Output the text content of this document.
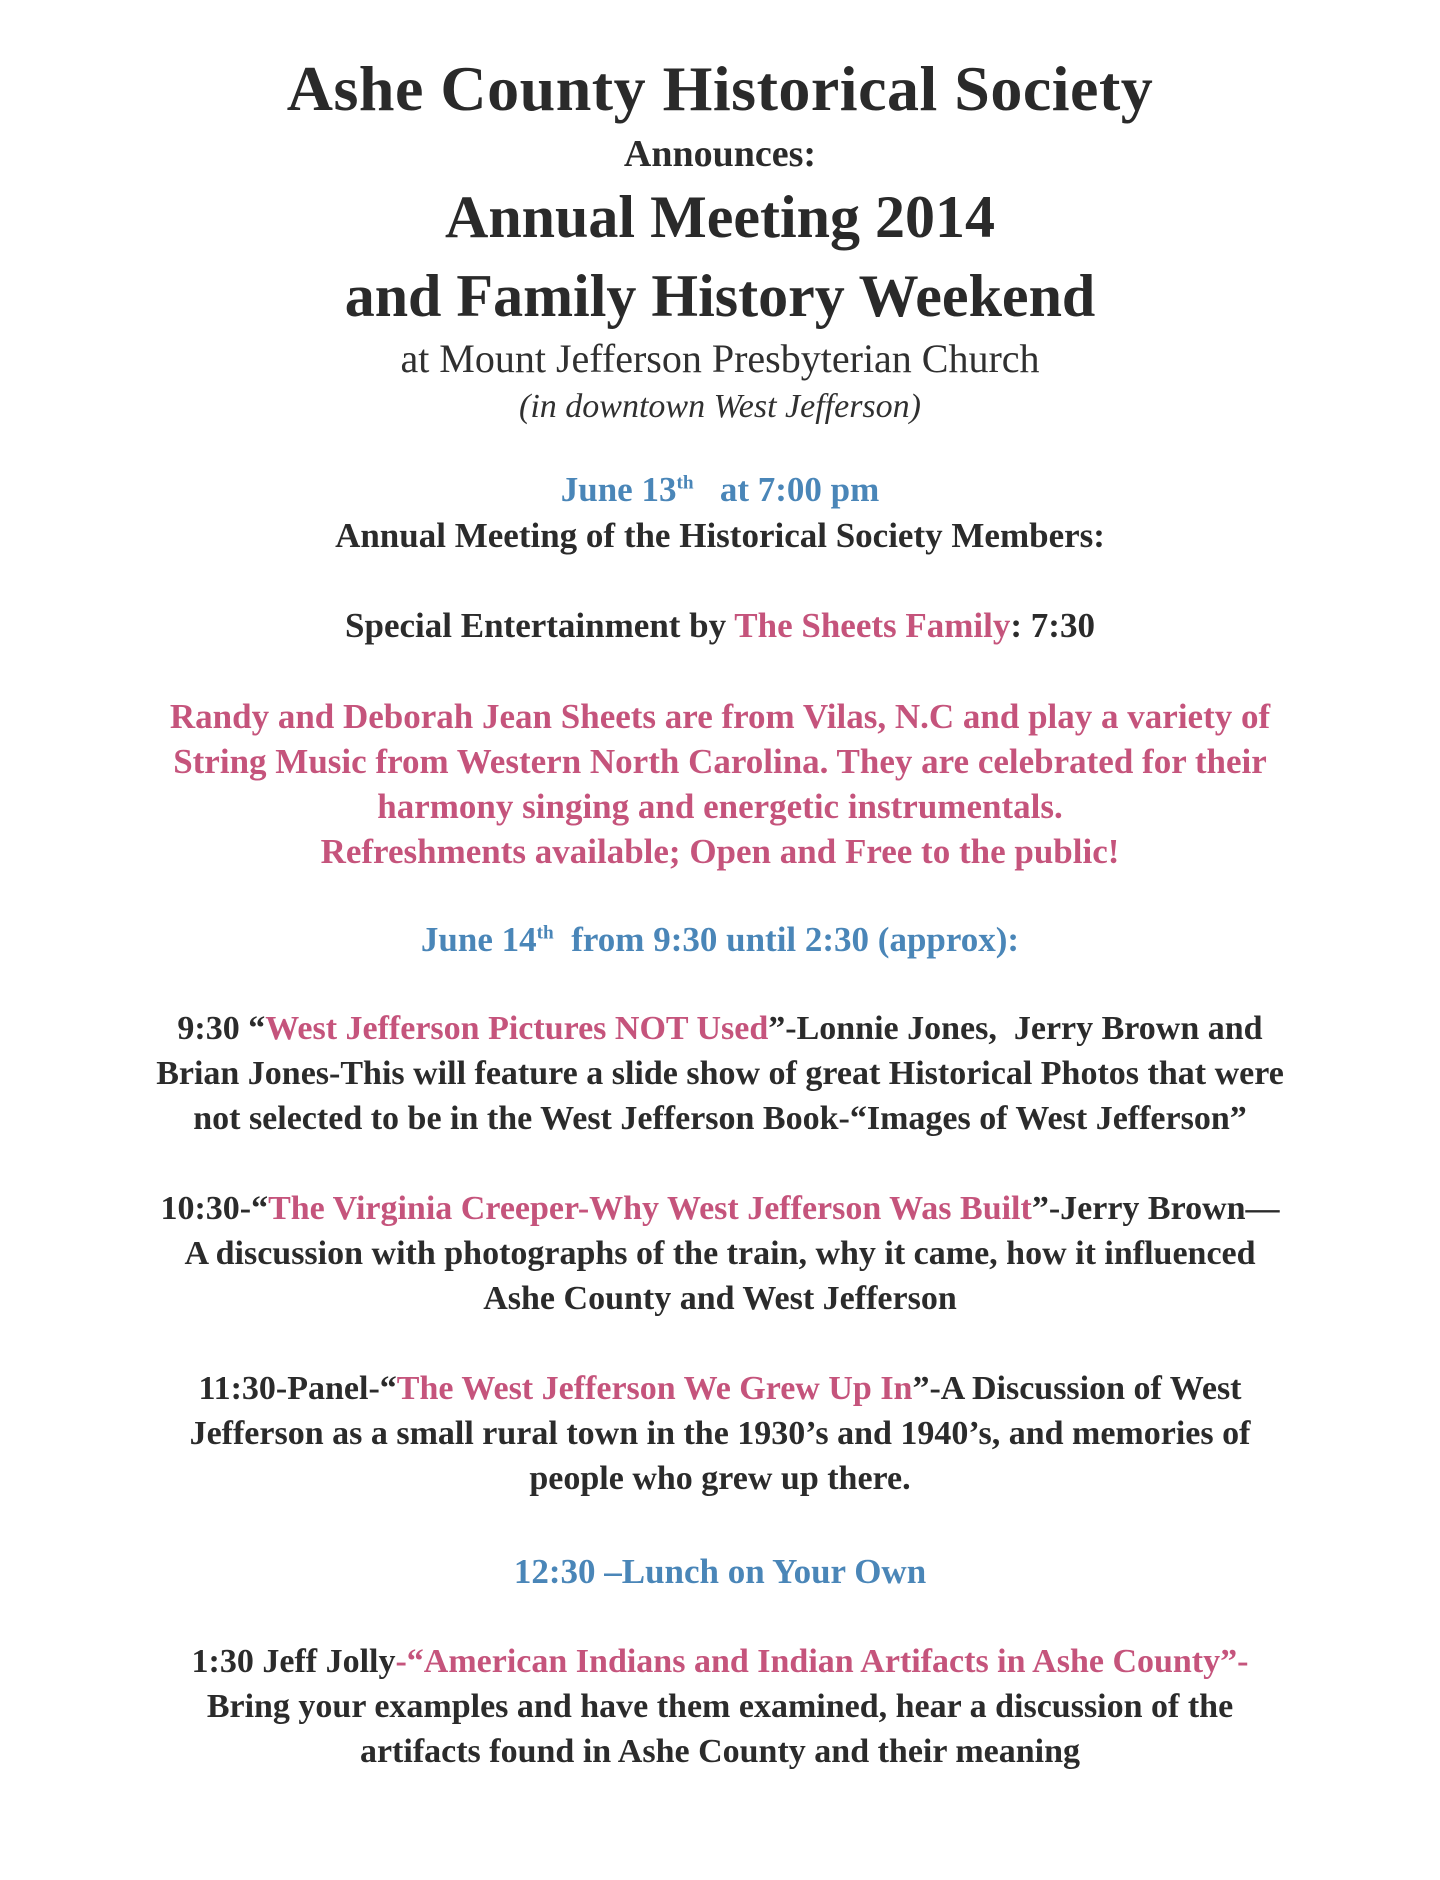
Ashe County Historical Society
Announces:
Annual Meeting 2014
and Family History Weekend
at Mount Jefferson Presbyterian Church
(in downtown West Jefferson)
June 13th   at 7:00 pm
Annual Meeting of the Historical Society Members:
Special Entertainment by The Sheets Family: 7:30
Randy and Deborah Jean Sheets are from Vilas, N.C and play a variety of
String Music from Western North Carolina. They are celebrated for their
harmony singing and energetic instrumentals.
Refreshments available; Open and Free to the public!
June 14th  from 9:30 until 2:30 (approx):
9:30 “West Jefferson Pictures NOT Used”-Lonnie Jones,  Jerry Brown and
Brian Jones-This will feature a slide show of great Historical Photos that were
not selected to be in the West Jefferson Book-“Images of West Jefferson”
10:30-“The Virginia Creeper-Why West Jefferson Was Built”-Jerry Brown—
A discussion with photographs of the train, why it came, how it influenced
Ashe County and West Jefferson
11:30-Panel-“The West Jefferson We Grew Up In”-A Discussion of West
Jefferson as a small rural town in the 1930’s and 1940’s, and memories of
people who grew up there.
12:30 –Lunch on Your Own
1:30 Jeff Jolly-“American Indians and Indian Artifacts in Ashe County”-
Bring your examples and have them examined, hear a discussion of the
artifacts found in Ashe County and their meaning
